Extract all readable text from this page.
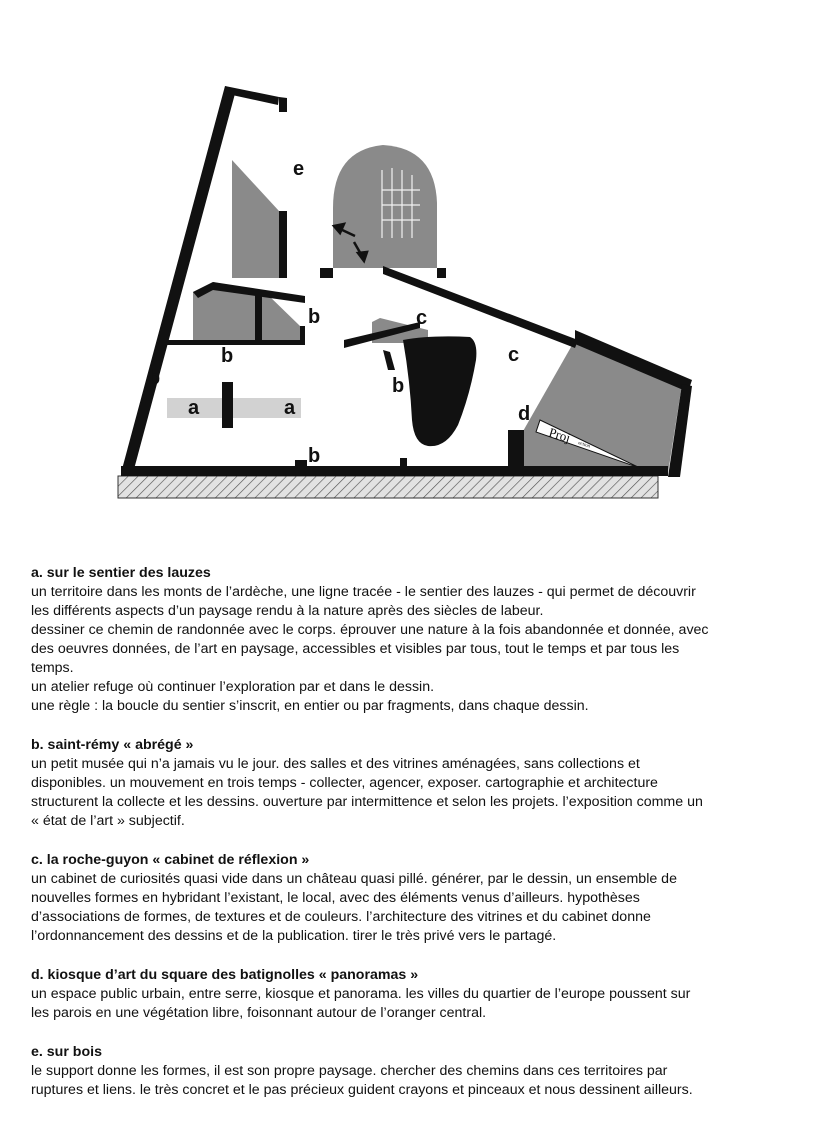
Proj
ection
e
b
b
b	b
b
a	a
c
c
d
a. sur le sentier des lauzes

un territoire dans les monts de l’ardèche, une ligne tracée - le sentier des lauzes - qui permet de découvrir

les différents aspects d’un paysage rendu à la nature après des siècles de labeur.

dessiner ce chemin de randonnée avec le corps. éprouver une nature à la fois abandonnée et donnée, avec

des oeuvres données, de l’art en paysage, accessibles et visibles par tous, tout le temps et par tous les

temps.

un atelier refuge où continuer l’exploration par et dans le dessin.

une règle : la boucle du sentier s’inscrit, en entier ou par fragments, dans chaque dessin.

b. saint-rémy « abrégé »

un petit musée qui n’a jamais vu le jour. des salles et des vitrines aménagées, sans collections et

disponibles. un mouvement en trois temps - collecter, agencer, exposer. cartographie et architecture

structurent la collecte et les dessins. ouverture par intermittence et selon les projets. l’exposition comme un

« état de l’art » subjectif.

c. la roche-guyon « cabinet de réflexion »

un cabinet de curiosités quasi vide dans un château quasi pillé. générer, par le dessin, un ensemble de

nouvelles formes en hybridant l’existant, le local, avec des éléments venus d’ailleurs. hypothèses

d’associations de formes, de textures et de couleurs. l’architecture des vitrines et du cabinet donne

l’ordonnancement des dessins et de la publication. tirer le très privé vers le partagé.

d. kiosque d’art du square des batignolles « panoramas »

un espace public urbain, entre serre, kiosque et panorama. les villes du quartier de l’europe poussent sur

les parois en une végétation libre, foisonnant autour de l’oranger central.

e. sur bois

le support donne les formes, il est son propre paysage. chercher des chemins dans ces territoires par

ruptures et liens. le très concret et le pas précieux guident crayons et pinceaux et nous dessinent ailleurs.
